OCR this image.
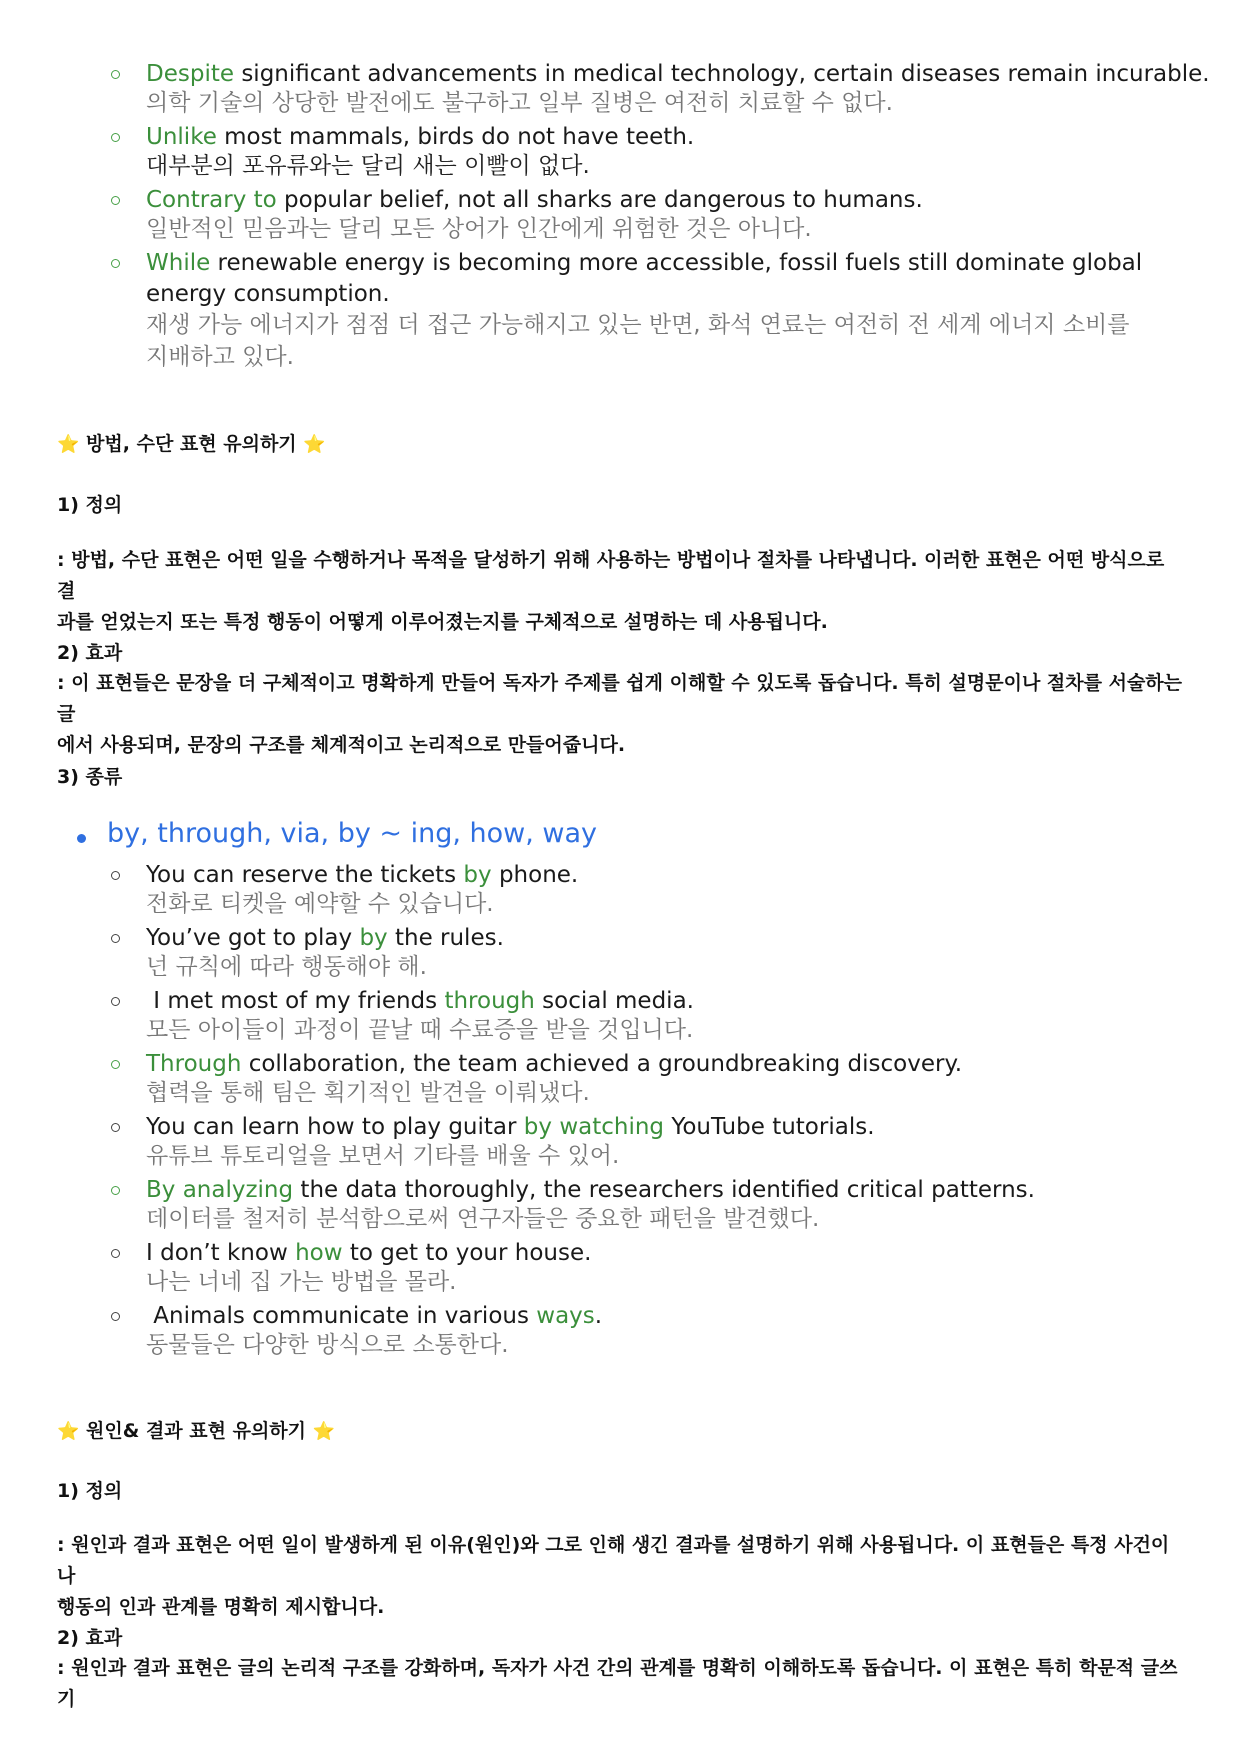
Despite significant advancements in medical technology, certain diseases remain incurable.
의학 기술의 상당한 발전에도 불구하고 일부 질병은 여전히 치료할 수 없다.
Unlike most mammals, birds do not have teeth.
대부분의 포유류와는 달리 새는 이빨이 없다.
Contrary to popular belief, not all sharks are dangerous to humans.
일반적인 믿음과는 달리 모든 상어가 인간에게 위험한 것은 아니다.
While renewable energy is becoming more accessible, fossil fuels still dominate global
energy consumption.
재생 가능 에너지가 점점 더 접근 가능해지고 있는 반면, 화석 연료는 여전히 전 세계 에너지 소비를
지배하고 있다.
⭐ 방법, 수단 표현 유의하기 ⭐
1) 정의
: 방법, 수단 표현은 어떤 일을 수행하거나 목적을 달성하기 위해 사용하는 방법이나 절차를 나타냅니다. 이러한 표현은 어떤 방식으로 결
과를 얻었는지 또는 특정 행동이 어떻게 이루어졌는지를 구체적으로 설명하는 데 사용됩니다.
2) 효과
: 이 표현들은 문장을 더 구체적이고 명확하게 만들어 독자가 주제를 쉽게 이해할 수 있도록 돕습니다. 특히 설명문이나 절차를 서술하는 글
에서 사용되며, 문장의 구조를 체계적이고 논리적으로 만들어줍니다.
3) 종류
by, through, via, by ~ ing, how, way
You can reserve the tickets by phone.
전화로 티켓을 예약할 수 있습니다.
You’ve got to play by the rules.
넌 규칙에 따라 행동해야 해.
I met most of my friends through social media.
모든 아이들이 과정이 끝날 때 수료증을 받을 것입니다.
Through collaboration, the team achieved a groundbreaking discovery.
협력을 통해 팀은 획기적인 발견을 이뤄냈다.
You can learn how to play guitar by watching YouTube tutorials.
유튜브 튜토리얼을 보면서 기타를 배울 수 있어.
By analyzing the data thoroughly, the researchers identified critical patterns.
데이터를 철저히 분석함으로써 연구자들은 중요한 패턴을 발견했다.
I don’t know how to get to your house.
나는 너네 집 가는 방법을 몰라.
Animals communicate in various ways.
동물들은 다양한 방식으로 소통한다.
⭐ 원인& 결과 표현 유의하기 ⭐
1) 정의
: 원인과 결과 표현은 어떤 일이 발생하게 된 이유(원인)와 그로 인해 생긴 결과를 설명하기 위해 사용됩니다. 이 표현들은 특정 사건이나
행동의 인과 관계를 명확히 제시합니다.
2) 효과
: 원인과 결과 표현은 글의 논리적 구조를 강화하며, 독자가 사건 간의 관계를 명확히 이해하도록 돕습니다. 이 표현은 특히 학문적 글쓰기
